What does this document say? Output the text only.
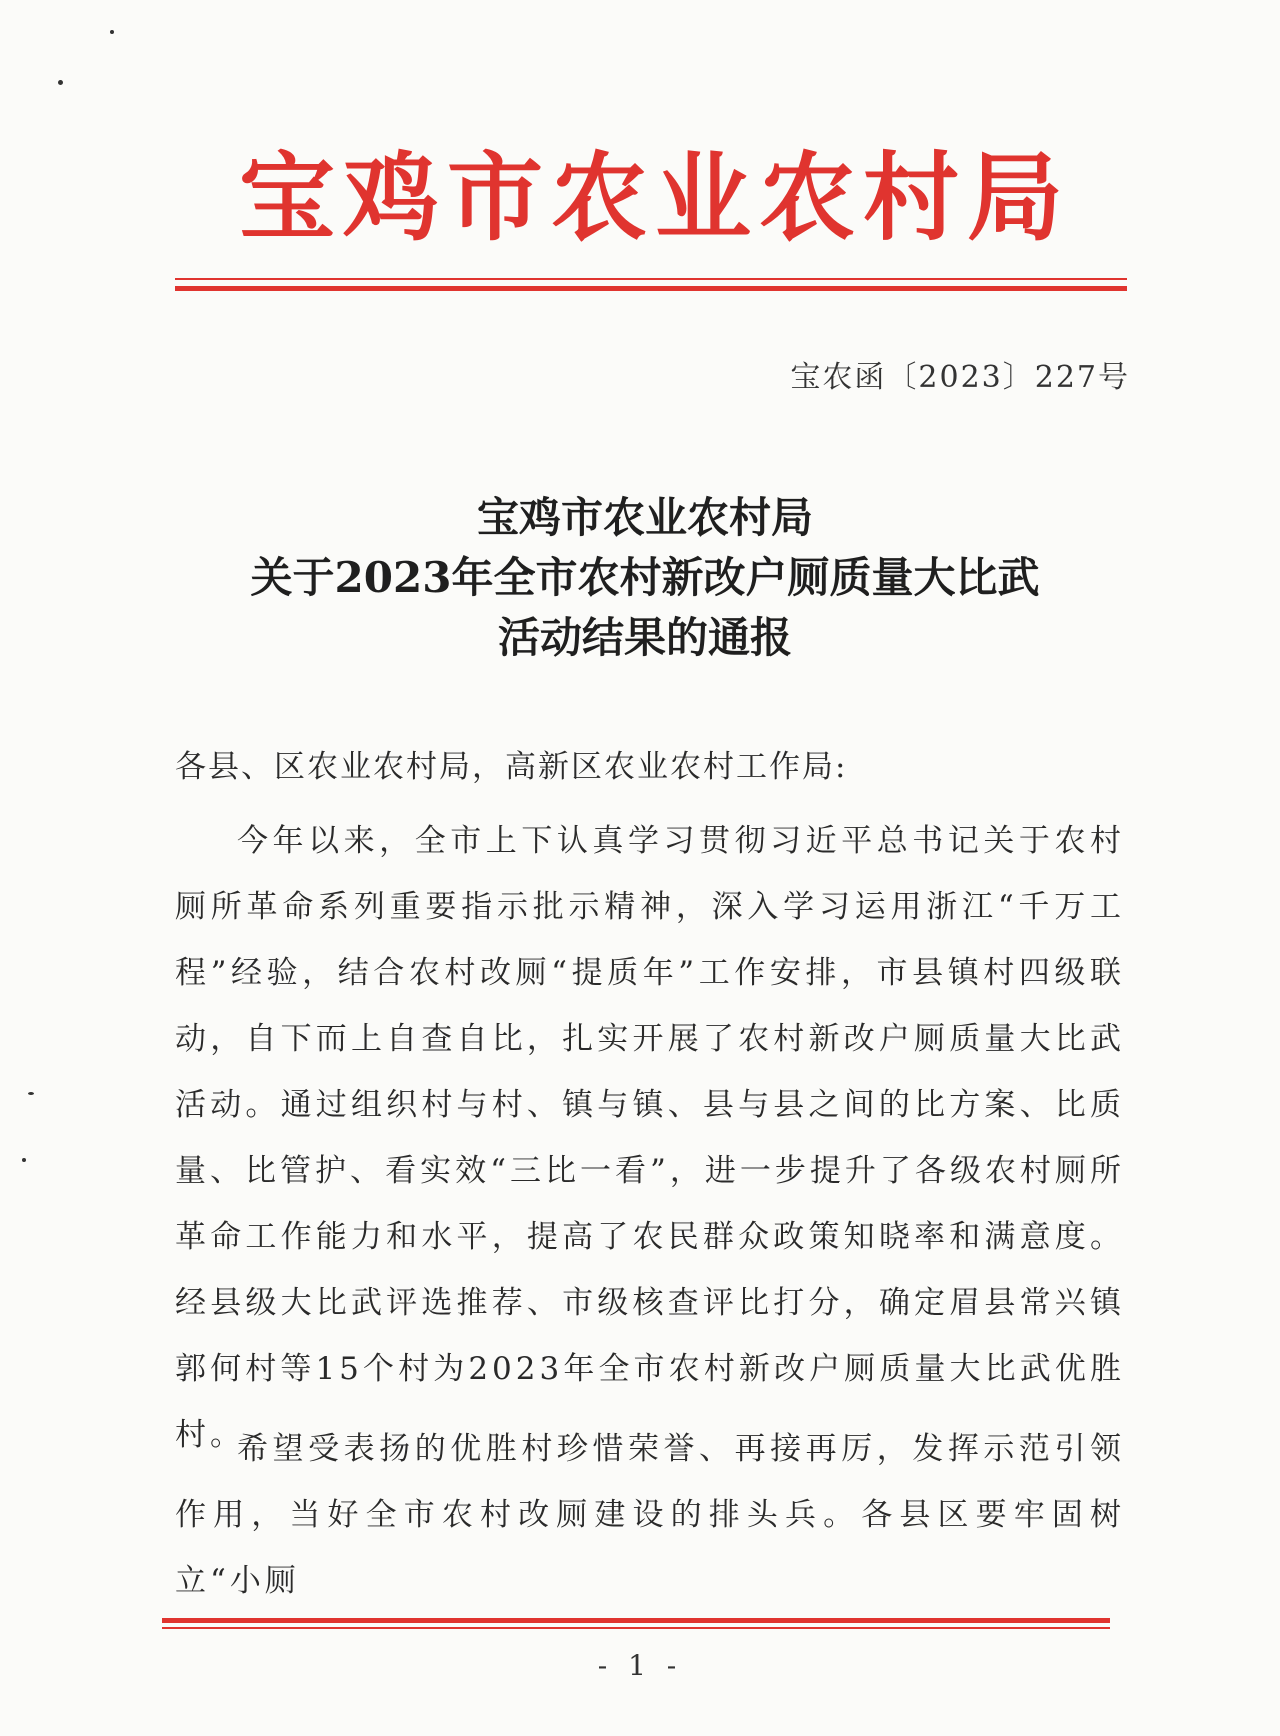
宝鸡市农业农村局
宝农函〔2023〕227号
宝鸡市农业农村局
关于2023年全市农村新改户厕质量大比武
活动结果的通报
各县、区农业农村局，高新区农业农村工作局:
今年以来，全市上下认真学习贯彻习近平总书记关于农村厕所革命系列重要指示批示精神，深入学习运用浙江“千万工程”经验，结合农村改厕“提质年”工作安排，市县镇村四级联动，自下而上自查自比，扎实开展了农村新改户厕质量大比武活动。通过组织村与村、镇与镇、县与县之间的比方案、比质量、比管护、看实效“三比一看”，进一步提升了各级农村厕所革命工作能力和水平，提高了农民群众政策知晓率和满意度。经县级大比武评选推荐、市级核查评比打分，确定眉县常兴镇郭何村等15个村为2023年全市农村新改户厕质量大比武优胜村。
希望受表扬的优胜村珍惜荣誉、再接再厉，发挥示范引领作用，当好全市农村改厕建设的排头兵。各县区要牢固树立“小厕
- 1 -
